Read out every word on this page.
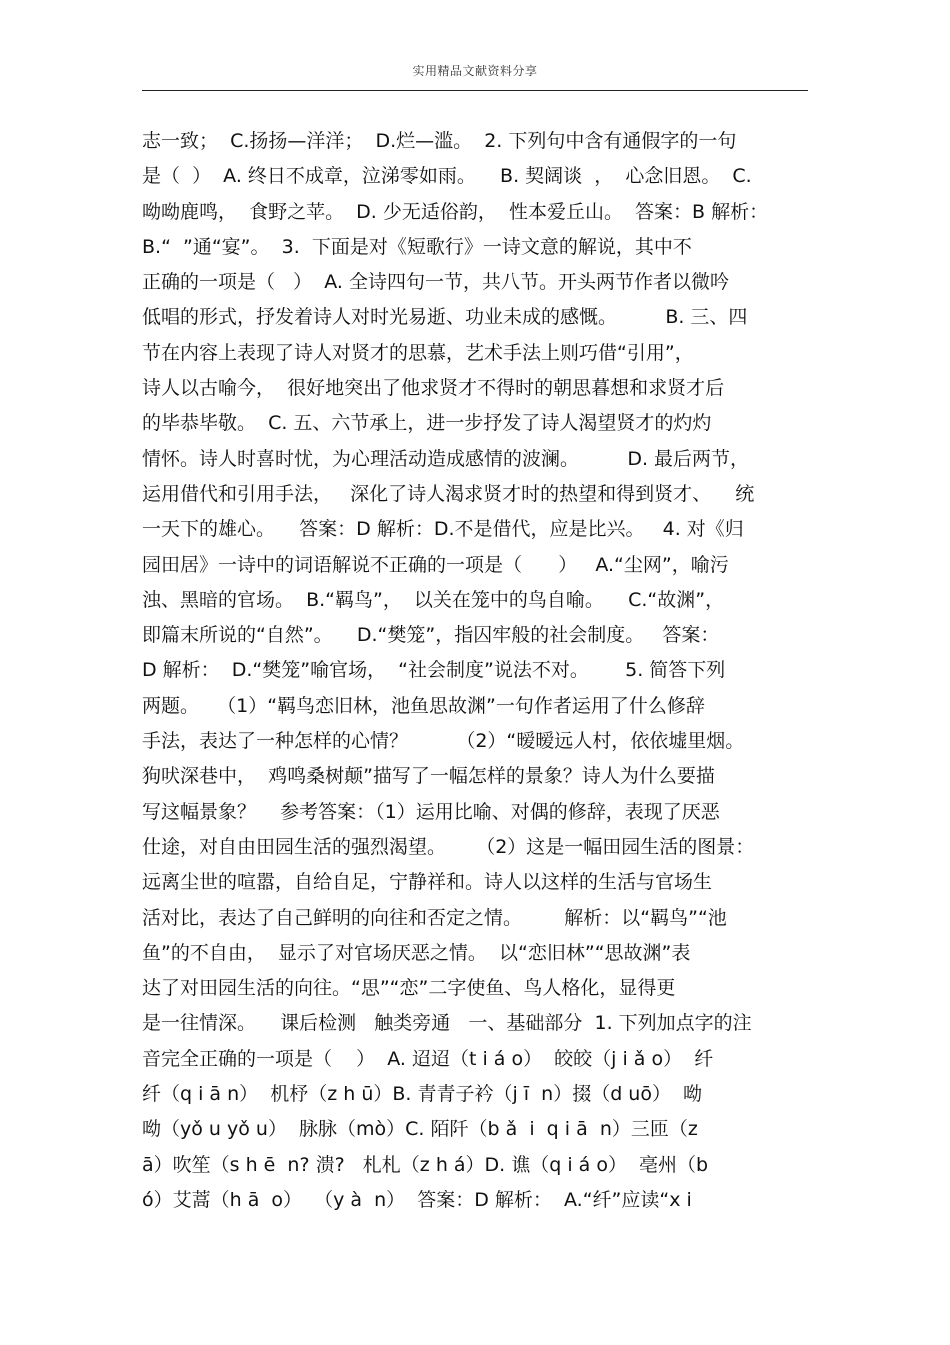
实用精品文献资料分享
志一致；  C.扬扬—洋洋；  D.烂—滥。  2. 下列句中含有通假字的一句
是（  ）  A. 终日不成章，泣涕零如雨。    B. 契阔谈  ，  心念旧恩。  C.
呦呦鹿鸣，  食野之苹。  D. 少无适俗韵，  性本爱丘山。  答案：B 解析：
B.“  ”通“宴”。  3.  下面是对《短歌行》一诗文意的解说，其中不
正确的一项是（   ）  A. 全诗四句一节，共八节。开头两节作者以微吟
低唱的形式，抒发着诗人对时光易逝、功业未成的感慨。        B. 三、四
节在内容上表现了诗人对贤才的思慕，艺术手法上则巧借“引用”，
诗人以古喻今，  很好地突出了他求贤才不得时的朝思暮想和求贤才后
的毕恭毕敬。  C. 五、六节承上，进一步抒发了诗人渴望贤才的灼灼
情怀。诗人时喜时忧，为心理活动造成感情的波澜。        D. 最后两节，
运用借代和引用手法，   深化了诗人渴求贤才时的热望和得到贤才、    统
一天下的雄心。    答案：D 解析：D.不是借代，应是比兴。   4. 对《归
园田居》一诗中的词语解说不正确的一项是（      ）   A.“尘网”，喻污
浊、黑暗的官场。  B.“羁鸟”，  以关在笼中的鸟自喻。    C.“故渊”，
即篇末所说的“自然”。    D.“樊笼”，指囚牢般的社会制度。   答案：
D 解析：  D.“樊笼”喻官场，  “社会制度”说法不对。      5. 简答下列
两题。   （1）“羁鸟恋旧林，池鱼思故渊”一句作者运用了什么修辞
手法，表达了一种怎样的心情？        （2）“暧暧远人村，依依墟里烟。
狗吠深巷中，  鸡鸣桑树颠”描写了一幅怎样的景象？诗人为什么要描
写这幅景象？    参考答案：（1）运用比喻、对偶的修辞，表现了厌恶
仕途，对自由田园生活的强烈渴望。     （2）这是一幅田园生活的图景：
远离尘世的喧嚣，自给自足，宁静祥和。诗人以这样的生活与官场生
活对比，表达了自己鲜明的向往和否定之情。       解析：以“羁鸟”“池
鱼”的不自由，  显示了对官场厌恶之情。  以“恋旧林”“思故渊”表
达了对田园生活的向往。“思”“恋”二字使鱼、鸟人格化，显得更
是一往情深。    课后检测   触类旁通   一、基础部分  1. 下列加点字的注
音完全正确的一项是（    ）  A. 迢迢（t i á o）  皎皎（j i ǎ o）  纤
纤（q i ā n）  机杼（z h ū）B. 青青子衿（j ī  n）掇（d uō）  呦
呦（yǒ u yǒ u）  脉脉（mò）C. 陌阡（b ǎ  i  q i ā  n）三匝（z
ā）吹笙（s h ē  n? 溃?   札札（z h á）D. 谯（q i á o）  亳州（b
ó）艾蒿（h ā  o）  （y à  n）  答案：D 解析：  A.“纤”应读“x i
